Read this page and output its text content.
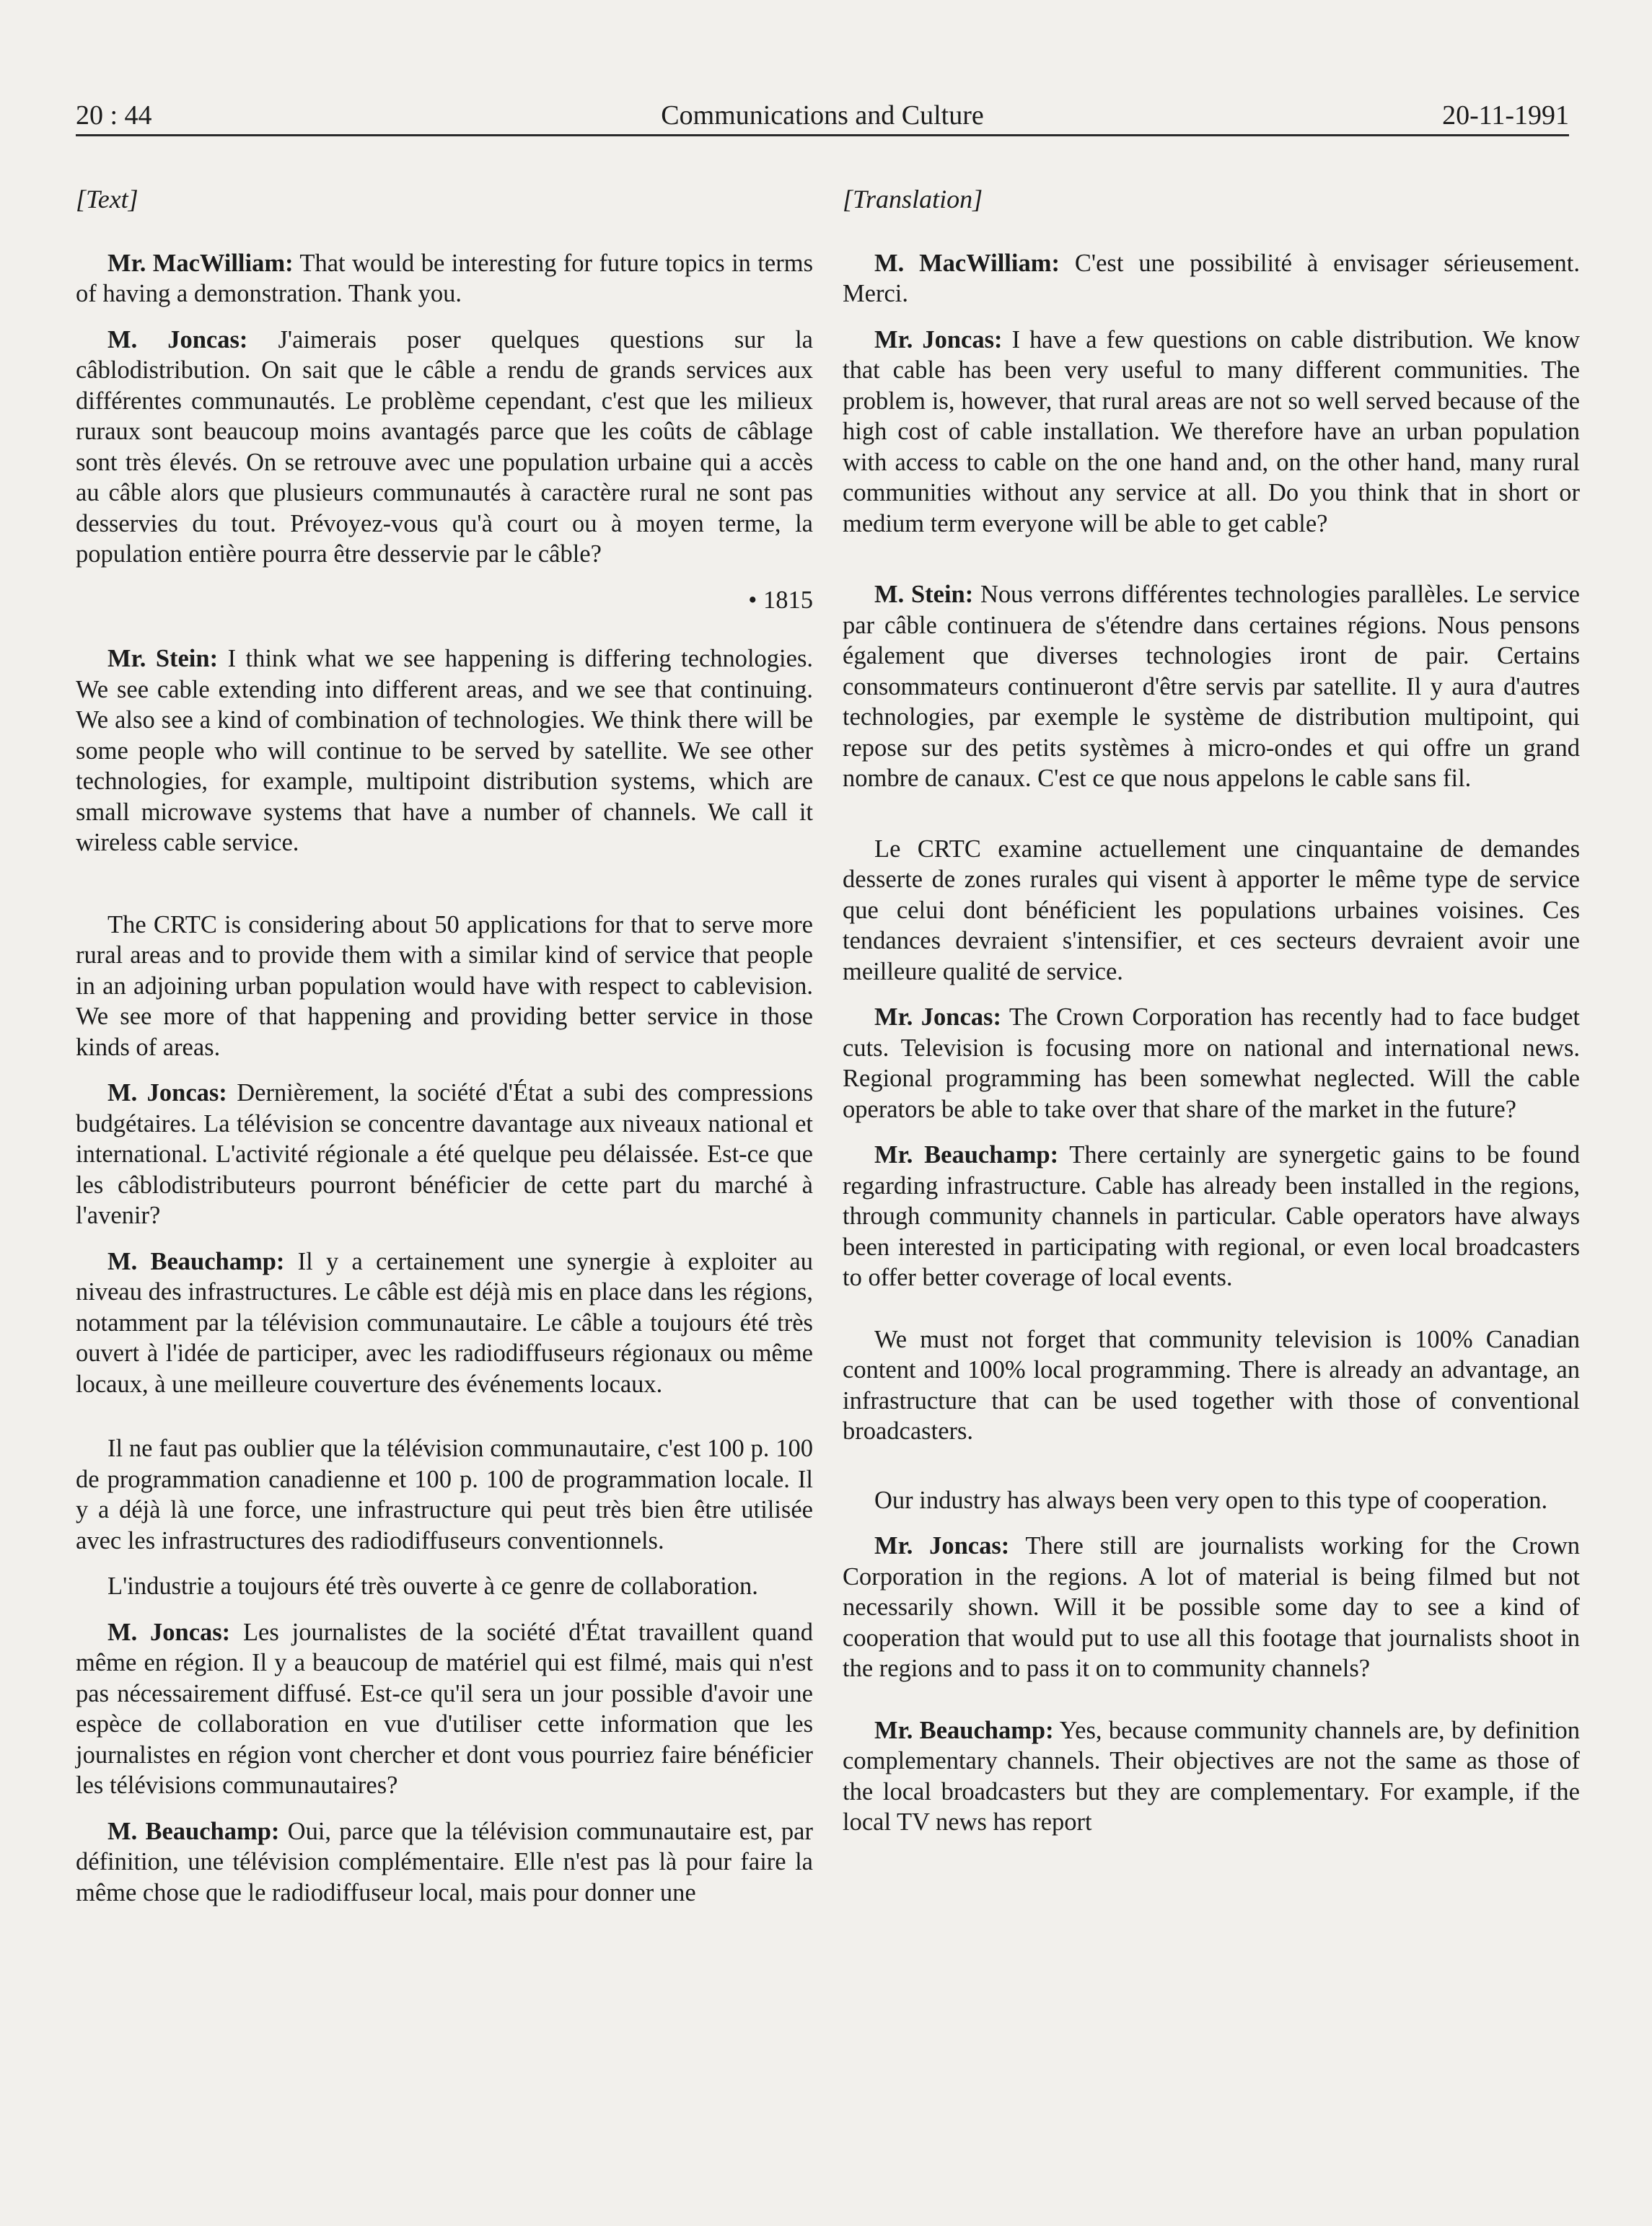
20 : 44	Communications and Culture	20-11-1991
[Text]

Mr. MacWilliam: That would be interesting for future topics in terms of having a demonstration. Thank you.

M. Joncas: J'aimerais poser quelques questions sur la câblodistribution. On sait que le câble a rendu de grands services aux différentes communautés. Le problème cependant, c'est que les milieux ruraux sont beaucoup moins avantagés parce que les coûts de câblage sont très élevés. On se retrouve avec une population urbaine qui a accès au câble alors que plusieurs communautés à caractère rural ne sont pas desservies du tout. Prévoyez-vous qu'à court ou à moyen terme, la population entière pourra être desservie par le câble?

• 1815

Mr. Stein: I think what we see happening is differing technologies. We see cable extending into different areas, and we see that continuing. We also see a kind of combination of technologies. We think there will be some people who will continue to be served by satellite. We see other technologies, for example, multipoint distribution systems, which are small microwave systems that have a number of channels. We call it wireless cable service.

The CRTC is considering about 50 applications for that to serve more rural areas and to provide them with a similar kind of service that people in an adjoining urban population would have with respect to cablevision. We see more of that happening and providing better service in those kinds of areas.

M. Joncas: Dernièrement, la société d'État a subi des compressions budgétaires. La télévision se concentre davantage aux niveaux national et international. L'activité régionale a été quelque peu délaissée. Est-ce que les câblodistributeurs pourront bénéficier de cette part du marché à l'avenir?

M. Beauchamp: Il y a certainement une synergie à exploiter au niveau des infrastructures. Le câble est déjà mis en place dans les régions, notamment par la télévision communautaire. Le câble a toujours été très ouvert à l'idée de participer, avec les radiodiffuseurs régionaux ou même locaux, à une meilleure couverture des événements locaux.

Il ne faut pas oublier que la télévision communautaire, c'est 100 p. 100 de programmation canadienne et 100 p. 100 de programmation locale. Il y a déjà là une force, une infrastructure qui peut très bien être utilisée avec les infrastructures des radiodiffuseurs conventionnels.

L'industrie a toujours été très ouverte à ce genre de collaboration.

M. Joncas: Les journalistes de la société d'État travaillent quand même en région. Il y a beaucoup de matériel qui est filmé, mais qui n'est pas nécessairement diffusé. Est-ce qu'il sera un jour possible d'avoir une espèce de collaboration en vue d'utiliser cette information que les journalistes en région vont chercher et dont vous pourriez faire bénéficier les télévisions communautaires?

M. Beauchamp: Oui, parce que la télévision communautaire est, par définition, une télévision complémentaire. Elle n'est pas là pour faire la même chose que le radiodiffuseur local, mais pour donner une

[Translation]

M. MacWilliam: C'est une possibilité à envisager sérieusement. Merci.

Mr. Joncas: I have a few questions on cable distribution. We know that cable has been very useful to many different communities. The problem is, however, that rural areas are not so well served because of the high cost of cable installation. We therefore have an urban population with access to cable on the one hand and, on the other hand, many rural communities without any service at all. Do you think that in short or medium term everyone will be able to get cable?

M. Stein: Nous verrons différentes technologies parallèles. Le service par câble continuera de s'étendre dans certaines régions. Nous pensons également que diverses technologies iront de pair. Certains consommateurs continueront d'être servis par satellite. Il y aura d'autres technologies, par exemple le système de distribution multipoint, qui repose sur des petits systèmes à micro-ondes et qui offre un grand nombre de canaux. C'est ce que nous appelons le cable sans fil.

Le CRTC examine actuellement une cinquantaine de demandes desserte de zones rurales qui visent à apporter le même type de service que celui dont bénéficient les populations urbaines voisines. Ces tendances devraient s'intensifier, et ces secteurs devraient avoir une meilleure qualité de service.

Mr. Joncas: The Crown Corporation has recently had to face budget cuts. Television is focusing more on national and international news. Regional programming has been somewhat neglected. Will the cable operators be able to take over that share of the market in the future?

Mr. Beauchamp: There certainly are synergetic gains to be found regarding infrastructure. Cable has already been installed in the regions, through community channels in particular. Cable operators have always been interested in participating with regional, or even local broadcasters to offer better coverage of local events.

We must not forget that community television is 100% Canadian content and 100% local programming. There is already an advantage, an infrastructure that can be used together with those of conventional broadcasters.

Our industry has always been very open to this type of cooperation.

Mr. Joncas: There still are journalists working for the Crown Corporation in the regions. A lot of material is being filmed but not necessarily shown. Will it be possible some day to see a kind of cooperation that would put to use all this footage that journalists shoot in the regions and to pass it on to community channels?

Mr. Beauchamp: Yes, because community channels are, by definition complementary channels. Their objectives are not the same as those of the local broadcasters but they are complementary. For example, if the local TV news has report
